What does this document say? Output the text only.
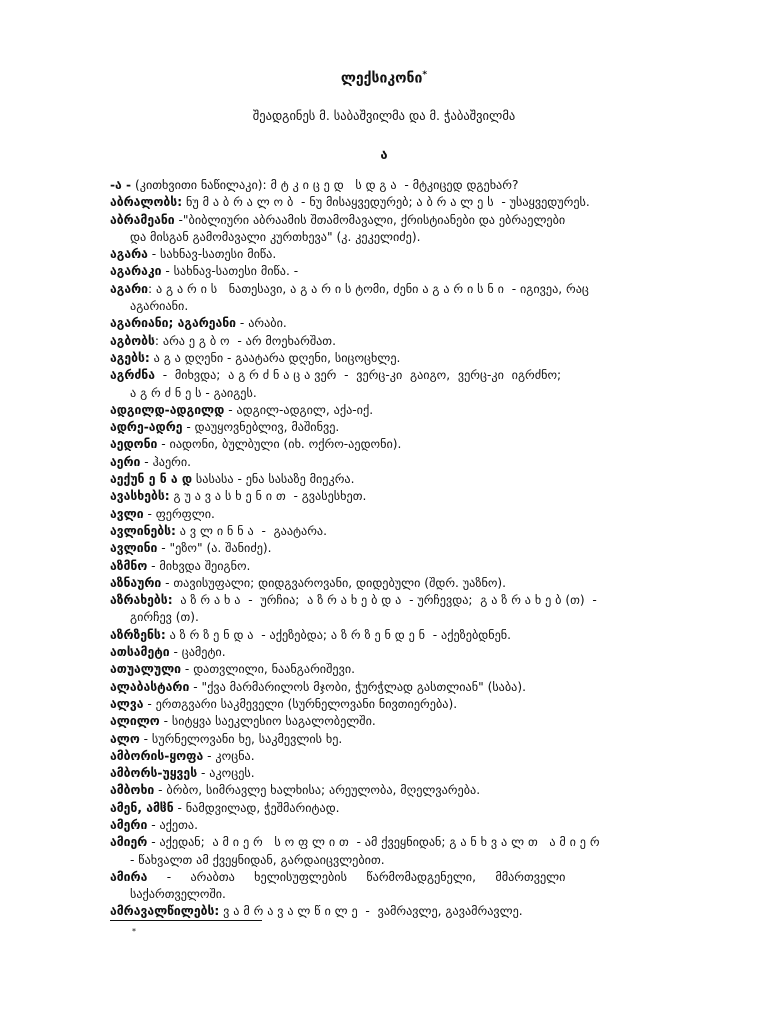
ლექსიკონი*
შეადგინეს მ. საბაშვილმა და მ. ჭაბაშვილმა
ა
-ა - (კითხვითი ნაწილაკი): მ ტ კ ი ც ე დ   ს დ გ ა  - მტკიცედ დგეხარ?
აბრალობს: ნუ მ ა ბ რ ა ლ ო ბ  - ნუ მისაყვედურებ; ა ბ რ ა ლ ე ს  - უსაყვედურეს.
აბრამეანი -"ბიბლიური აბრაამის შთამომავალი, ქრისტიანები და ებრაელები
და მისგან გამომავალი კურთხევა" (კ. კეკელიძე).
აგარა - სახნავ-სათესი მიწა.
აგარაკი - სახნავ-სათესი მიწა. -
აგარი: ა გ ა რ ი ს   ნათესავი, ა გ ა რ ი ს ტომი, ძენი ა გ ა რ ი ს ნ ი  - იგივეა, რაც
აგარიანი.
აგარიანი; აგარეანი - არაბი.
აგბობს: არა ე გ ბ ო  - არ მოეხარშათ.
აგებს: ა გ ა დღენი - გაატარა დღენი, სიცოცხლე.
აგრძნა  -  მიხვდა;  ა გ რ ძ ნ ა ც ა ვერ  -  ვერც-კი  გაიგო,  ვერც-კი  იგრძნო;
ა გ რ ძ ნ ე ს - გაიგეს.
ადგილდ-ადგილდ - ადგილ-ადგილ, აქა-იქ.
ადრე-ადრე - დაუყოვნებლივ, მაშინვე.
აედონი - იადონი, ბულბული (იხ. ოქრო-აედონი).
აერი - ჰაერი.
აექუნ ე ნ ა დ სასასა - ენა სასაზე მიეკრა.
ავასხებს: გ უ ა ვ ა ს ხ ე ნ ი თ  - გვასესხეთ.
ავლი - ფერფლი.
ავლინებს: ა ვ ლ ი ნ ნ ა  -  გაატარა.
ავლინი - "ეზო" (ა. შანიძე).
აზმნო - მიხვდა შეიგნო.
აზნაური - თავისუფალი; დიდგვაროვანი, დიდებული (შდრ. უაზნო).
აზრახებს:  ა ზ რ ა ხ ა  -  ურჩია;  ა ზ რ ა ხ ე ბ დ ა  - ურჩევდა;  გ ა ზ რ ა ხ ე ბ (თ)  -
გირჩევ (თ).
აზრზენს: ა ზ რ ზ ე ნ დ ა  - აქეზებდა; ა ზ რ ზ ე ნ დ ე ნ  - აქეზებდნენ.
ათსამეტი - ცამეტი.
ათუალული - დათვლილი, ნაანგარიშევი.
ალაბასტარი - "ქვა მარმარილოს მჯობი, ჭურჭლად გასთლიან" (საბა).
ალვა - ერთგვარი საკმეველი (სურნელოვანი ნივთიერება).
ალილო - სიტყვა საეკლესიო საგალობელში.
ალო - სურნელოვანი ხე, საკმევლის ხე.
ამბორის-ყოფა - კოცნა.
ამბორს-უყვეს - აკოცეს.
ამბოხი - ბრბო, სიმრავლე ხალხისა; არეულობა, მღელვარება.
ამენ, ამჱნ - ნამდვილად, ჭეშმარიტად.
ამერი - აქეთა.
ამიერ - აქედან;  ა მ ი ე რ   ს ო ფ ლ ი თ  - ამ ქვეყნიდან; გ ა ნ ხ ვ ა ლ თ   ა მ ი ე რ
- წახვალთ ამ ქვეყნიდან, გარდაიცვლებით.
ამირა     -     არაბთა     ხელისუფლების     წარმომადგენელი,     მმართველი
საქართველოში.
ამრავალწილებს: ვ ა მ რ ა ვ ა ლ წ ი ლ ე  -  ვამრავლე, გავამრავლე.
*
